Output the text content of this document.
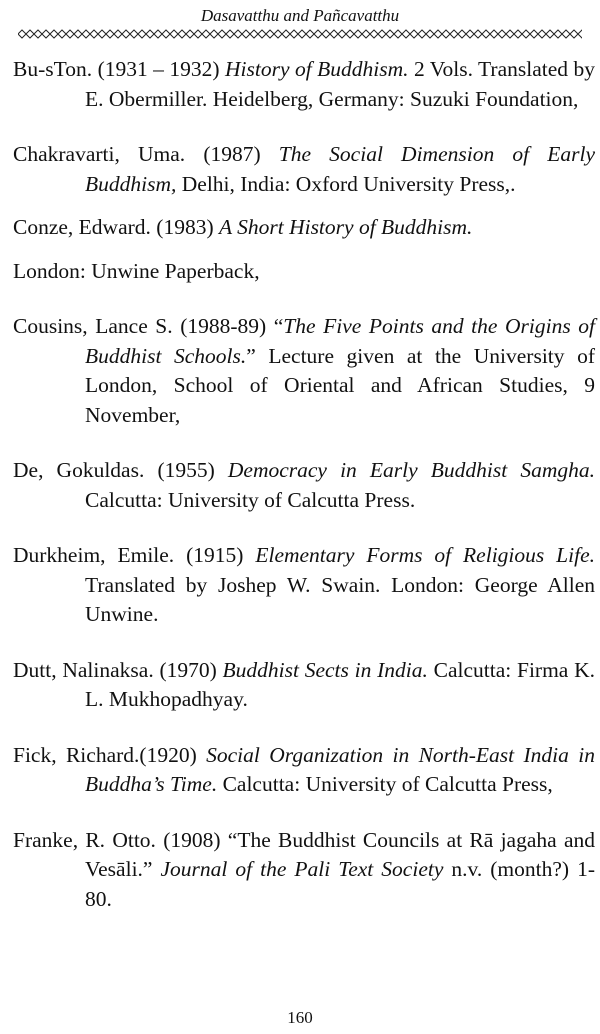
Dasavatthu and Pañcavatthu

Bu-sTon. (1931 – 1932) History of Buddhism. 2 Vols. Translated by E. Obermiller. Heidelberg, Germany: Suzuki Foundation,

Chakravarti, Uma. (1987) The Social Dimension of Early Buddhism, Delhi, India: Oxford University Press,.

Conze, Edward. (1983) A Short History of Buddhism.

London: Unwine Paperback,

Cousins, Lance S. (1988-89) “The Five Points and the Origins of Buddhist Schools.” Lecture given at the University of London, School of Oriental and African Studies, 9 November,

De, Gokuldas. (1955) Democracy in Early Buddhist Samgha. Calcutta: University of Calcutta Press.

Durkheim, Emile. (1915) Elementary Forms of Religious Life. Translated by Joshep W. Swain. London: George Allen Unwine.

Dutt, Nalinaksa. (1970) Buddhist Sects in India. Calcutta: Firma K. L. Mukhopadhyay.

Fick, Richard.(1920) Social Organization in North-East India in Buddha’s Time. Calcutta: University of Calcutta Press,

Franke, R. Otto. (1908) “The Buddhist Councils at Rā jagaha and Vesāli.” Journal of the Pali Text Society n.v. (month?) 1-80.

160
